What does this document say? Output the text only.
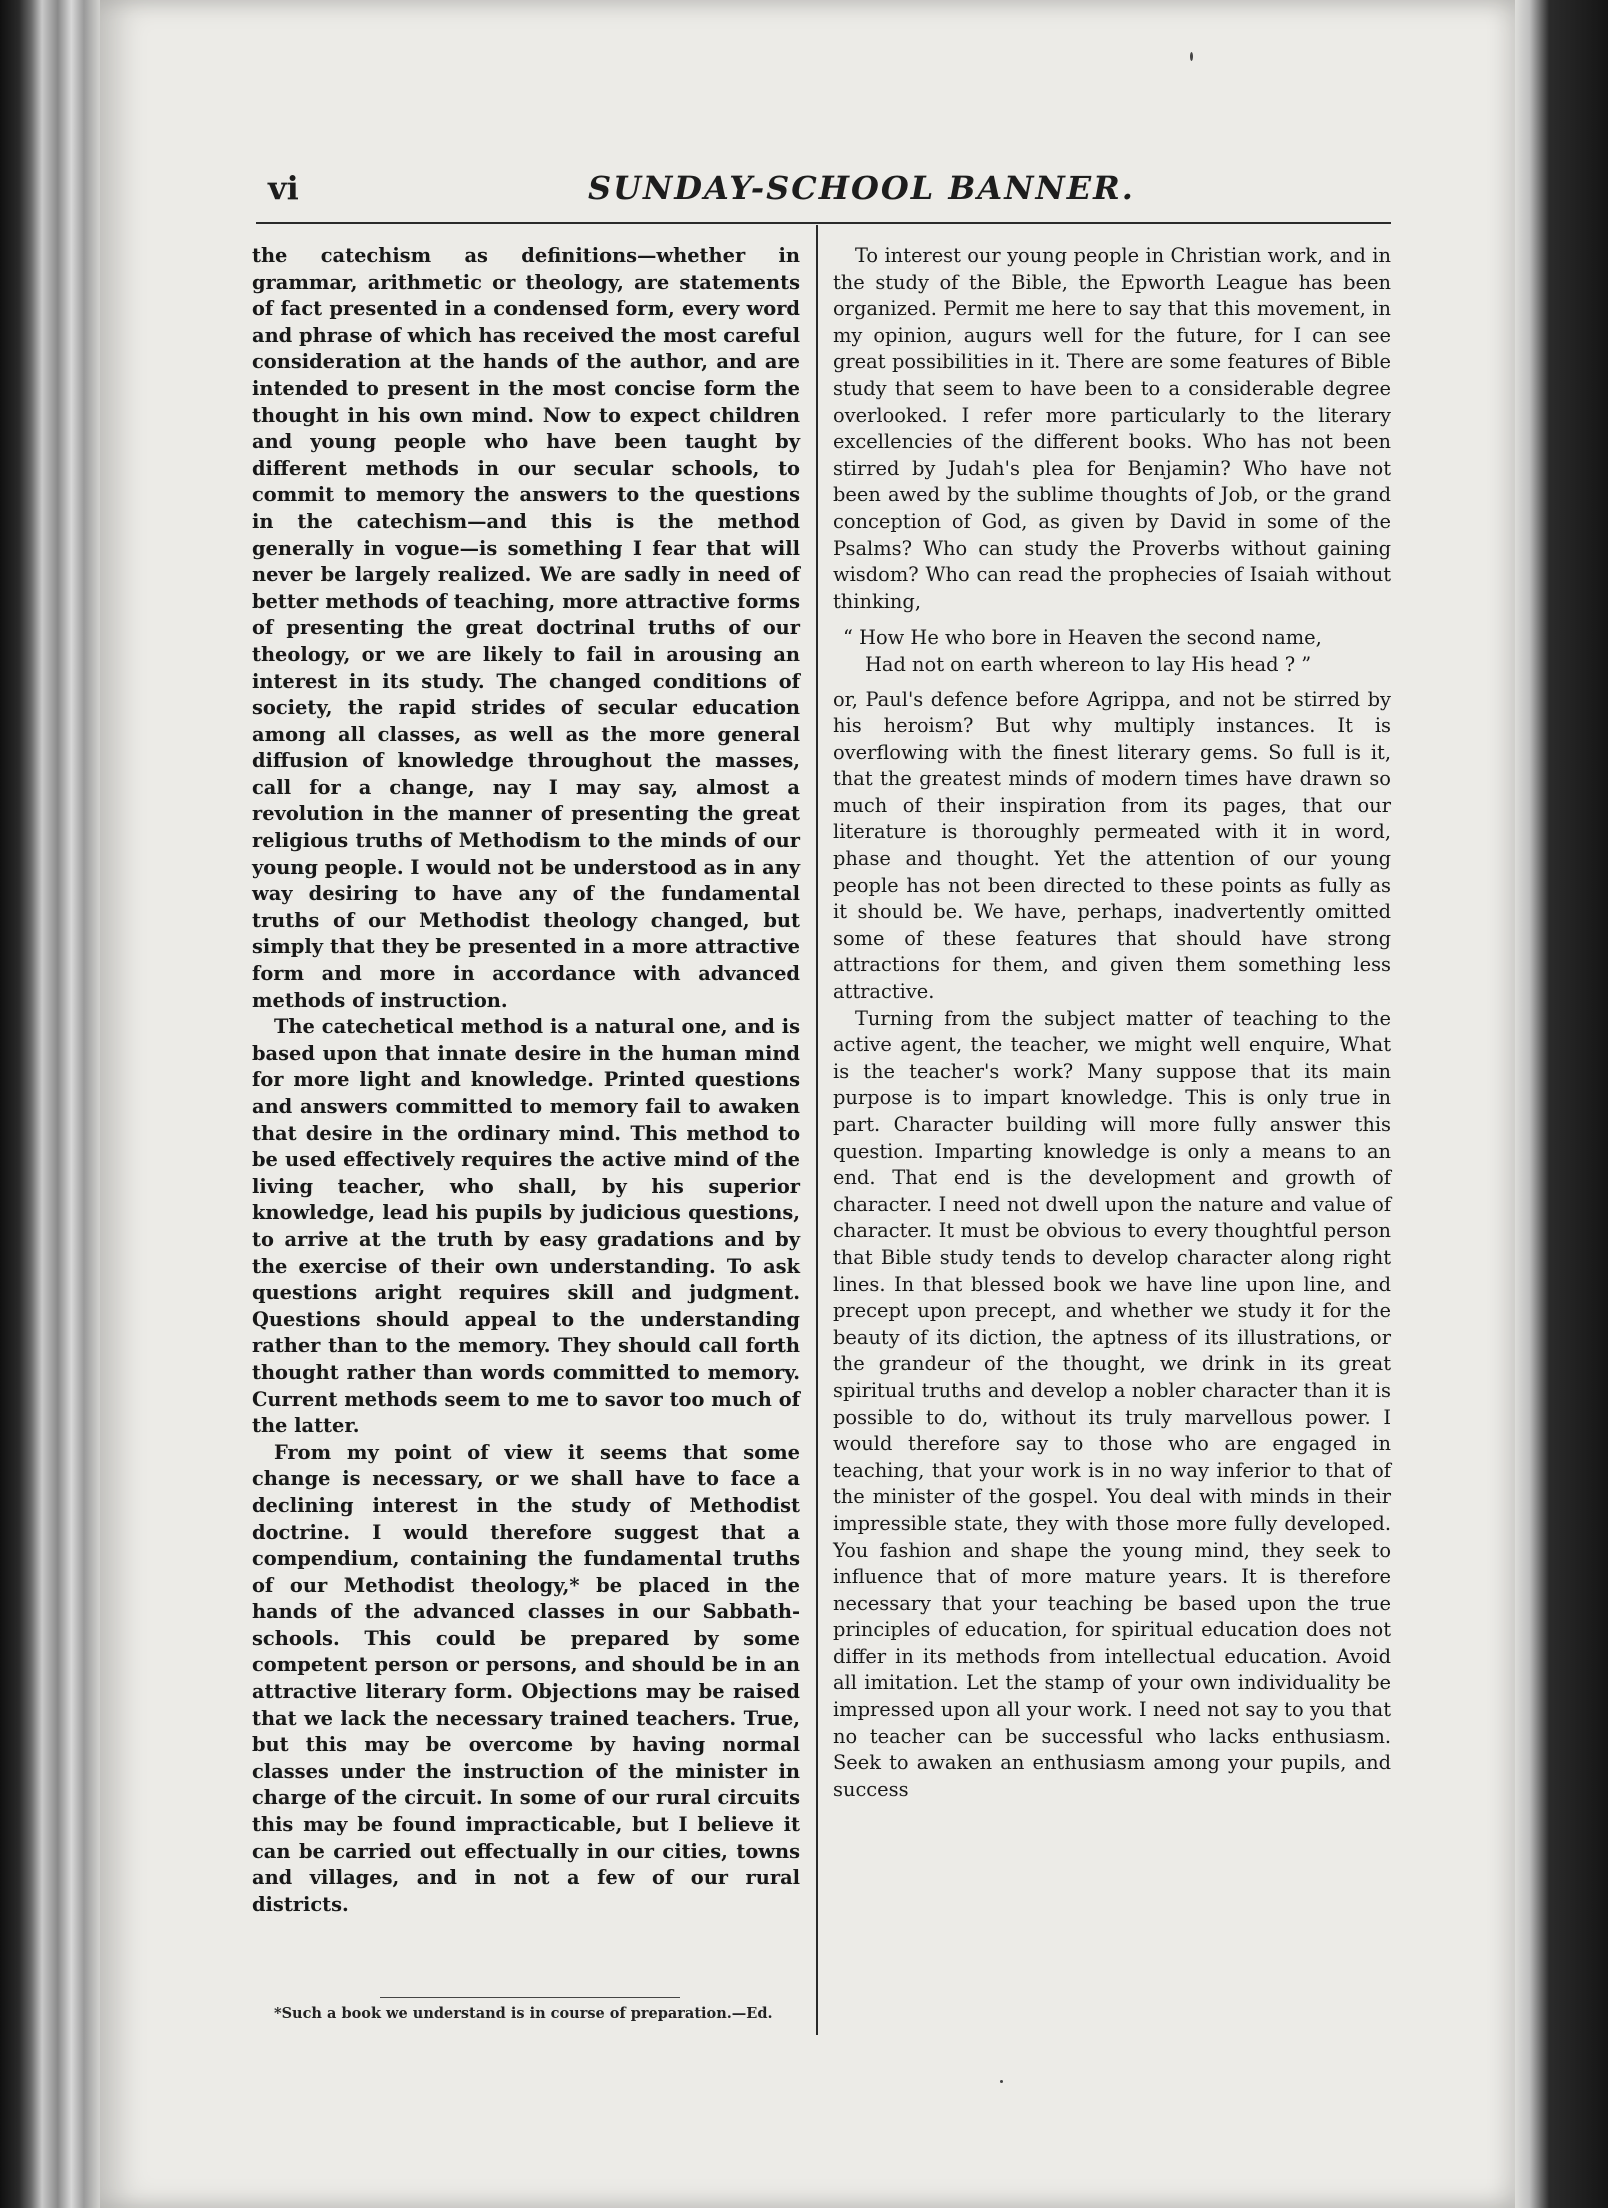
vi	SUNDAY-SCHOOL BANNER.

the catechism as definitions—whether in grammar, arithmetic or theology, are statements of fact presented in a condensed form, every word and phrase of which has received the most careful consideration at the hands of the author, and are intended to present in the most concise form the thought in his own mind. Now to expect children and young people who have been taught by different methods in our secular schools, to commit to memory the answers to the questions in the catechism—and this is the method generally in vogue—is something I fear that will never be largely realized. We are sadly in need of better methods of teaching, more attractive forms of presenting the great doctrinal truths of our theology, or we are likely to fail in arousing an interest in its study. The changed conditions of society, the rapid strides of secular education among all classes, as well as the more general diffusion of knowledge throughout the masses, call for a change, nay I may say, almost a revolution in the manner of presenting the great religious truths of Methodism to the minds of our young people. I would not be understood as in any way desiring to have any of the fundamental truths of our Methodist theology changed, but simply that they be presented in a more attractive form and more in accordance with advanced methods of instruction.

The catechetical method is a natural one, and is based upon that innate desire in the human mind for more light and knowledge. Printed questions and answers committed to memory fail to awaken that desire in the ordinary mind. This method to be used effectively requires the active mind of the living teacher, who shall, by his superior knowledge, lead his pupils by judicious questions, to arrive at the truth by easy gradations and by the exercise of their own understanding. To ask questions aright requires skill and judgment. Questions should appeal to the understanding rather than to the memory. They should call forth thought rather than words committed to memory. Current methods seem to me to savor too much of the latter.

From my point of view it seems that some change is necessary, or we shall have to face a declining interest in the study of Methodist doctrine. I would therefore suggest that a compendium, containing the fundamental truths of our Methodist theology,* be placed in the hands of the advanced classes in our Sabbath-schools. This could be prepared by some competent person or persons, and should be in an attractive literary form. Objections may be raised that we lack the necessary trained teachers. True, but this may be overcome by having normal classes under the instruction of the minister in charge of the circuit. In some of our rural circuits this may be found impracticable, but I believe it can be carried out effectually in our cities, towns and villages, and in not a few of our rural districts.

*Such a book we understand is in course of preparation.—Ed.

To interest our young people in Christian work, and in the study of the Bible, the Epworth League has been organized. Permit me here to say that this movement, in my opinion, augurs well for the future, for I can see great possibilities in it. There are some features of Bible study that seem to have been to a considerable degree overlooked. I refer more particularly to the literary excellencies of the different books. Who has not been stirred by Judah's plea for Benjamin? Who have not been awed by the sublime thoughts of Job, or the grand conception of God, as given by David in some of the Psalms? Who can study the Proverbs without gaining wisdom? Who can read the prophecies of Isaiah without thinking,

“ How He who bore in Heaven the second name,
Had not on earth whereon to lay His head ? ”

or, Paul's defence before Agrippa, and not be stirred by his heroism? But why multiply instances. It is overflowing with the finest literary gems. So full is it, that the greatest minds of modern times have drawn so much of their inspiration from its pages, that our literature is thoroughly permeated with it in word, phase and thought. Yet the attention of our young people has not been directed to these points as fully as it should be. We have, perhaps, inadvertently omitted some of these features that should have strong attractions for them, and given them something less attractive.

Turning from the subject matter of teaching to the active agent, the teacher, we might well enquire, What is the teacher's work? Many suppose that its main purpose is to impart knowledge. This is only true in part. Character building will more fully answer this question. Imparting knowledge is only a means to an end. That end is the development and growth of character. I need not dwell upon the nature and value of character. It must be obvious to every thoughtful person that Bible study tends to develop character along right lines. In that blessed book we have line upon line, and precept upon precept, and whether we study it for the beauty of its diction, the aptness of its illustrations, or the grandeur of the thought, we drink in its great spiritual truths and develop a nobler character than it is possible to do, without its truly marvellous power. I would therefore say to those who are engaged in teaching, that your work is in no way inferior to that of the minister of the gospel. You deal with minds in their impressible state, they with those more fully developed. You fashion and shape the young mind, they seek to influence that of more mature years. It is therefore necessary that your teaching be based upon the true principles of education, for spiritual education does not differ in its methods from intellectual education. Avoid all imitation. Let the stamp of your own individuality be impressed upon all your work. I need not say to you that no teacher can be successful who lacks enthusiasm. Seek to awaken an enthusiasm among your pupils, and success
